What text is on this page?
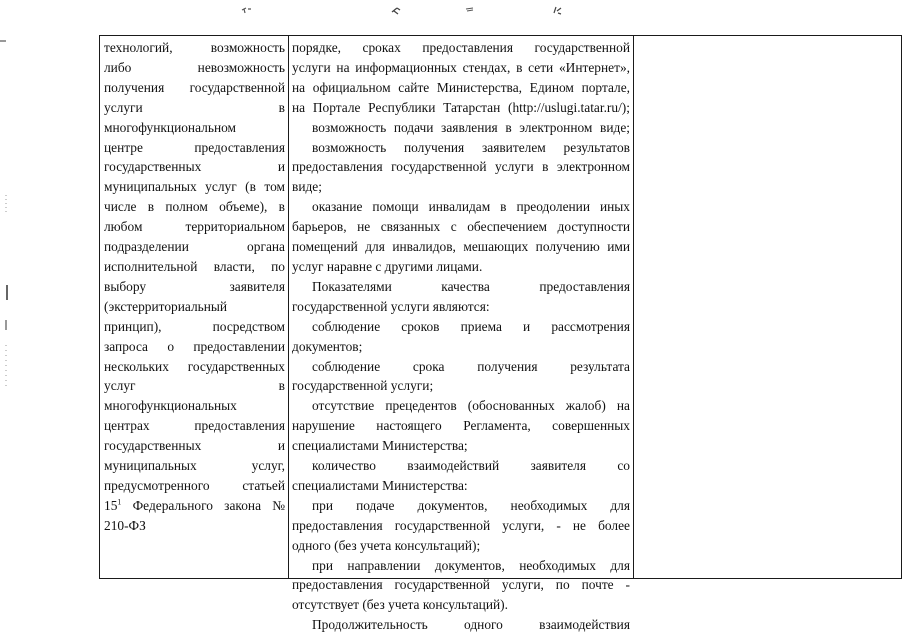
технологий, возможность
либо невозможность
получения государственной
услуги в
многофункциональном
центре предоставления
государственных и
муниципальных услуг (в том
числе в полном объеме), в
любом территориальном
подразделении органа
исполнительной власти, по
выбору заявителя
(экстерриториальный
принцип), посредством
запроса о предоставлении
нескольких государственных
услуг в
многофункциональных
центрах предоставления
государственных и
муниципальных услуг,
предусмотренного статьей
$15^1$ Федерального закона №
210-ФЗ

порядке, сроках предоставления государственной
услуги на информационных стендах, в сети «Интернет»,
на официальном сайте Министерства, Едином портале,
на Портале Республики Татарстан (http://uslugi.tatar.ru/);
возможность подачи заявления в электронном виде;
возможность получения заявителем результатов
предоставления государственной услуги в электронном
виде;
оказание помощи инвалидам в преодолении иных
барьеров, не связанных с обеспечением доступности
помещений для инвалидов, мешающих получению ими
услуг наравне с другими лицами.
Показателями качества предоставления
государственной услуги являются:
соблюдение сроков приема и рассмотрения
документов;
соблюдение срока получения результата
государственной услуги;
отсутствие прецедентов (обоснованных жалоб) на
нарушение настоящего Регламента, совершенных
специалистами Министерства;
количество взаимодействий заявителя со
специалистами Министерства:
при подаче документов, необходимых для
предоставления государственной услуги, - не более
одного (без учета консультаций);
при направлении документов, необходимых для
предоставления государственной услуги, по почте -
отсутствует (без учета консультаций).
Продолжительность одного взаимодействия
